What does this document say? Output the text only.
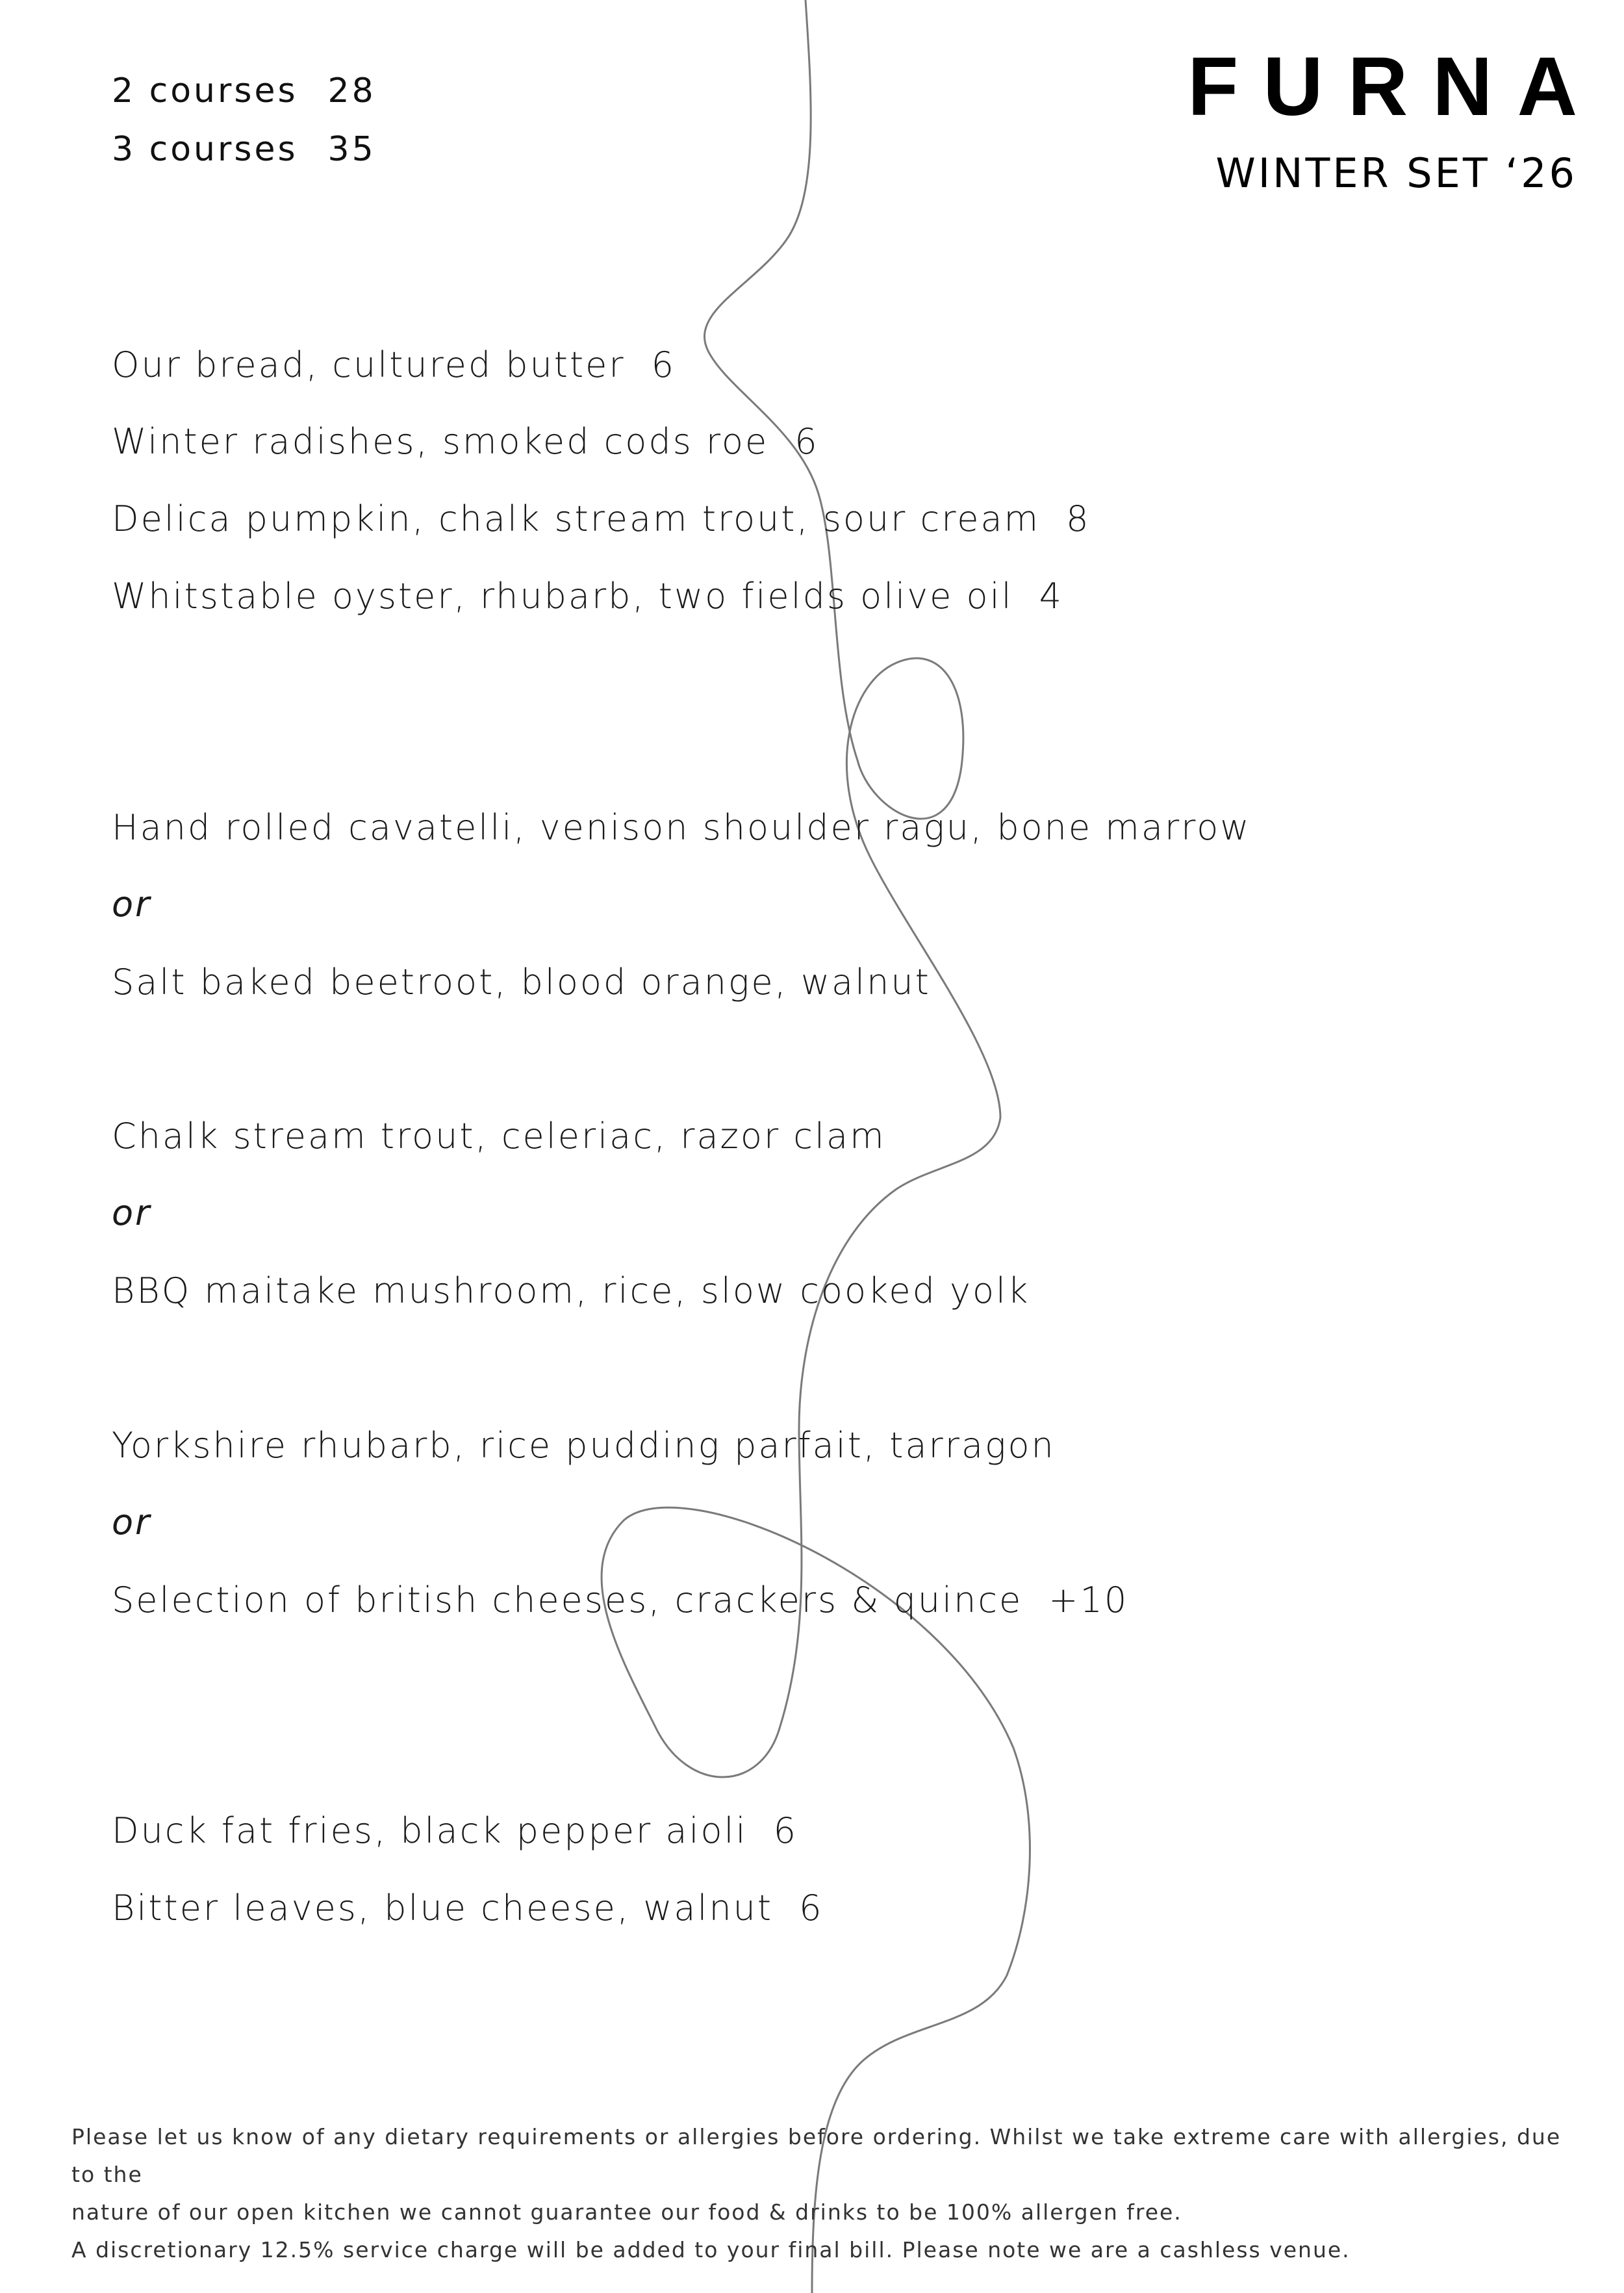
2 courses 28
3 courses 35
FURNA
WINTER SET ‘26
Our bread, cultured butter 6
Winter radishes, smoked cods roe 6
Delica pumpkin, chalk stream trout, sour cream 8
Whitstable oyster, rhubarb, two fields olive oil 4
Hand rolled cavatelli, venison shoulder ragu, bone marrow
or
Salt baked beetroot, blood orange, walnut
Chalk stream trout, celeriac, razor clam
or
BBQ maitake mushroom, rice, slow cooked yolk
Yorkshire rhubarb, rice pudding parfait, tarragon
or
Selection of british cheeses, crackers & quince +10
Duck fat fries, black pepper aioli 6
Bitter leaves, blue cheese, walnut 6

Please let us know of any dietary requirements or allergies before ordering. Whilst we take extreme care with allergies, due to the

nature of our open kitchen we cannot guarantee our food & drinks to be 100% allergen free.

A discretionary 12.5% service charge will be added to your final bill. Please note we are a cashless venue.
